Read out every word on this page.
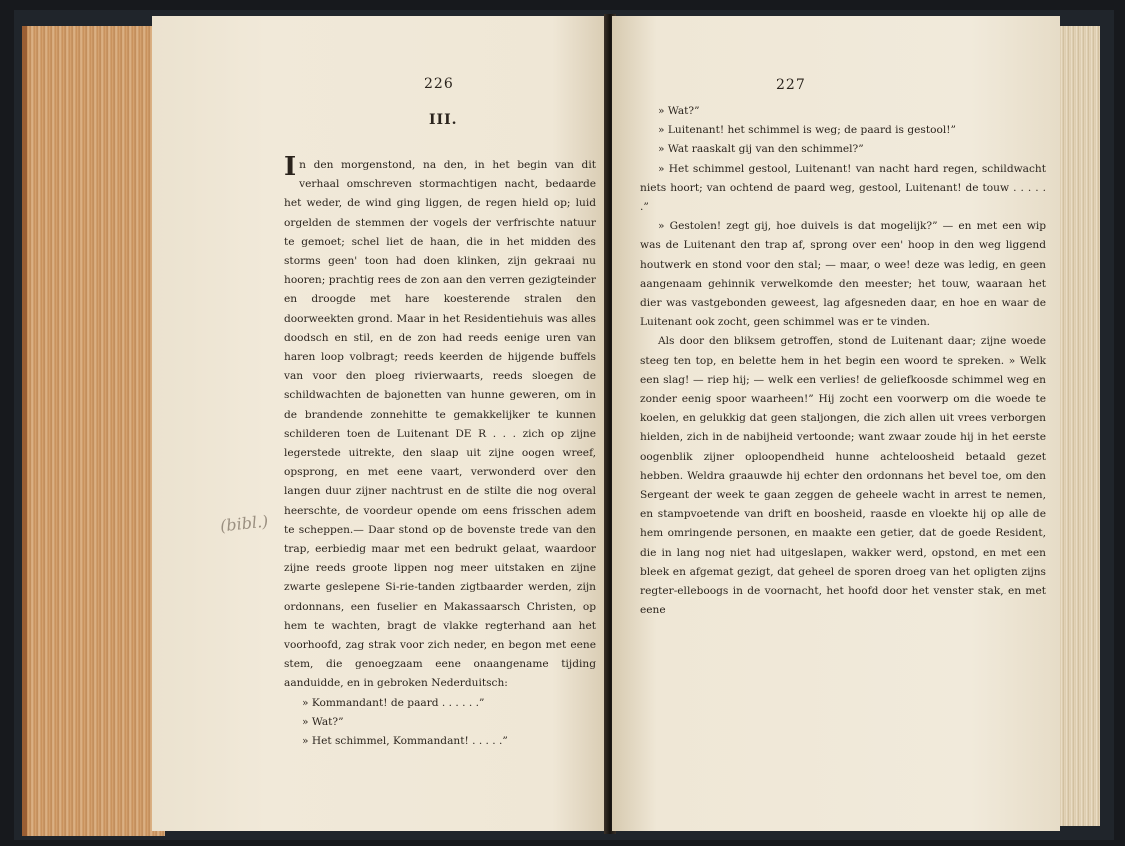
226
III.
(bibl.)

In den morgenstond, na den, in het begin van dit verhaal omschreven stormachtigen nacht, bedaarde het weder, de wind ging liggen, de regen hield op; luid orgelden de stemmen der vogels der verfrischte natuur te gemoet; schel liet de haan, die in het midden des storms geen' toon had doen klinken, zijn gekraai nu hooren; prachtig rees de zon aan den verren gezigteinder en droogde met hare koesterende stralen den doorweekten grond. Maar in het Residentiehuis was alles doodsch en stil, en de zon had reeds eenige uren van haren loop volbragt; reeds keerden de hijgende buffels van voor den ploeg rivierwaarts, reeds sloegen de schildwachten de bajonetten van hunne geweren, om in de brandende zonnehitte te gemakkelijker te kunnen schilderen toen de Luitenant DE R . . . zich op zijne legerstede uitrekte, den slaap uit zijne oogen wreef, opsprong, en met eene vaart, verwonderd over den langen duur zijner nachtrust en de stilte die nog overal heerschte, de voordeur opende om eens frisschen adem te scheppen.— Daar stond op de bovenste trede van den trap, eerbiedig maar met een bedrukt gelaat, waardoor zijne reeds groote lippen nog meer uitstaken en zijne zwarte geslepene Si-rie-tanden zigtbaarder werden, zijn ordonnans, een fuselier en Makassaarsch Christen, op hem te wachten, bragt de vlakke regterhand aan het voorhoofd, zag strak voor zich neder, en begon met eene stem, die genoegzaam eene onaangename tijding aanduidde, en in gebroken Nederduitsch:

» Kommandant! de paard . . . . . .”

» Wat?”

» Het schimmel, Kommandant! . . . . .”

227

» Wat?”

» Luitenant! het schimmel is weg; de paard is gestool!”

» Wat raaskalt gij van den schimmel?”

» Het schimmel gestool, Luitenant! van nacht hard regen, schildwacht niets hoort; van ochtend de paard weg, gestool, Luitenant! de touw . . . . . .”

» Gestolen! zegt gij, hoe duivels is dat mogelijk?” — en met een wip was de Luitenant den trap af, sprong over een' hoop in den weg liggend houtwerk en stond voor den stal; — maar, o wee! deze was ledig, en geen aangenaam gehinnik verwelkomde den meester; het touw, waaraan het dier was vastgebonden geweest, lag afgesneden daar, en hoe en waar de Luitenant ook zocht, geen schimmel was er te vinden.

Als door den bliksem getroffen, stond de Luitenant daar; zijne woede steeg ten top, en belette hem in het begin een woord te spreken. » Welk een slag! — riep hij; — welk een verlies! de geliefkoosde schimmel weg en zonder eenig spoor waarheen!” Hij zocht een voorwerp om die woede te koelen, en gelukkig dat geen staljongen, die zich allen uit vrees verborgen hielden, zich in de nabijheid vertoonde; want zwaar zoude hij in het eerste oogenblik zijner oploopendheid hunne achteloosheid betaald gezet hebben. Weldra graauwde hij echter den ordonnans het bevel toe, om den Sergeant der week te gaan zeggen de geheele wacht in arrest te nemen, en stampvoetende van drift en boosheid, raasde en vloekte hij op alle de hem omringende personen, en maakte een getier, dat de goede Resident, die in lang nog niet had uitgeslapen, wakker werd, opstond, en met een bleek en afgemat gezigt, dat geheel de sporen droeg van het opligten zijns regter-elleboogs in de voornacht, het hoofd door het venster stak, en met eene
